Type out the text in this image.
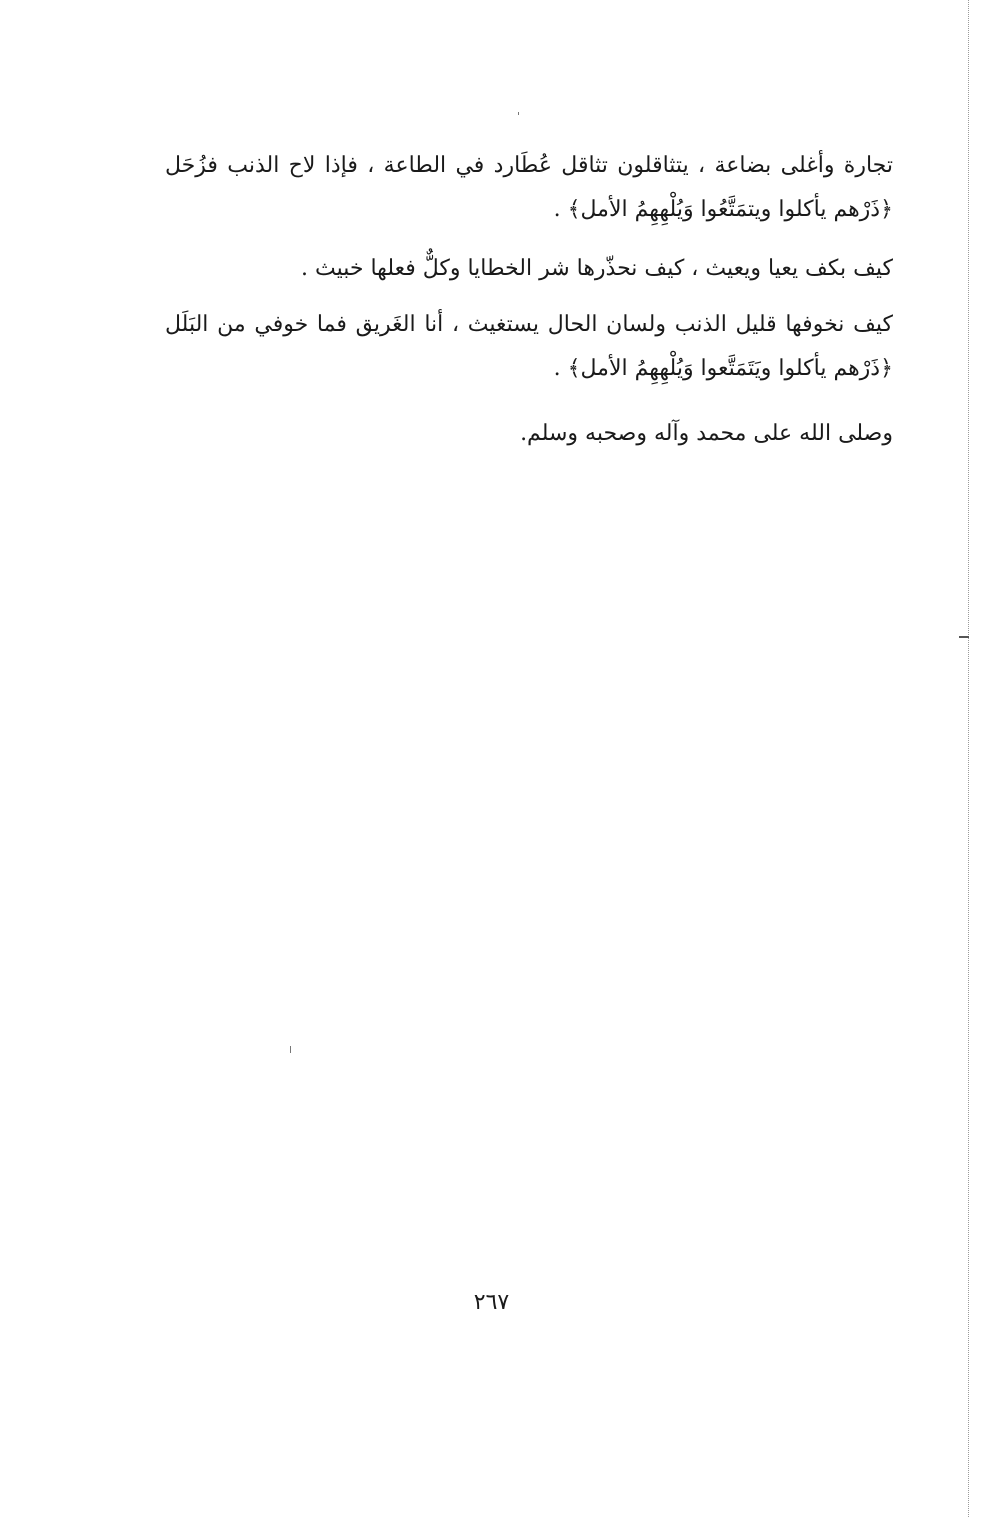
تجارة وأغلى بضاعة ، يتثاقلون تثاقل عُطَارد في الطاعة ، فإذا لاح الذنب فزُحَل ﴿ذَرْهم يأكلوا ويتمَتَّعُوا وَيُلْهِهِمُ الأمل﴾ .

كيف بكف يعيا ويعيث ، كيف نحذّرها شر الخطايا وكلٌّ فعلها خبيث .

كيف نخوفها قليل الذنب ولسان الحال يستغيث ، أنا الغَريق فما خوفي من البَلَل ﴿ذَرْهم يأكلوا ويَتَمَتَّعوا وَيُلْهِهِمُ الأمل﴾ .

وصلى الله على محمد وآله وصحبه وسلم.

٢٦٧
